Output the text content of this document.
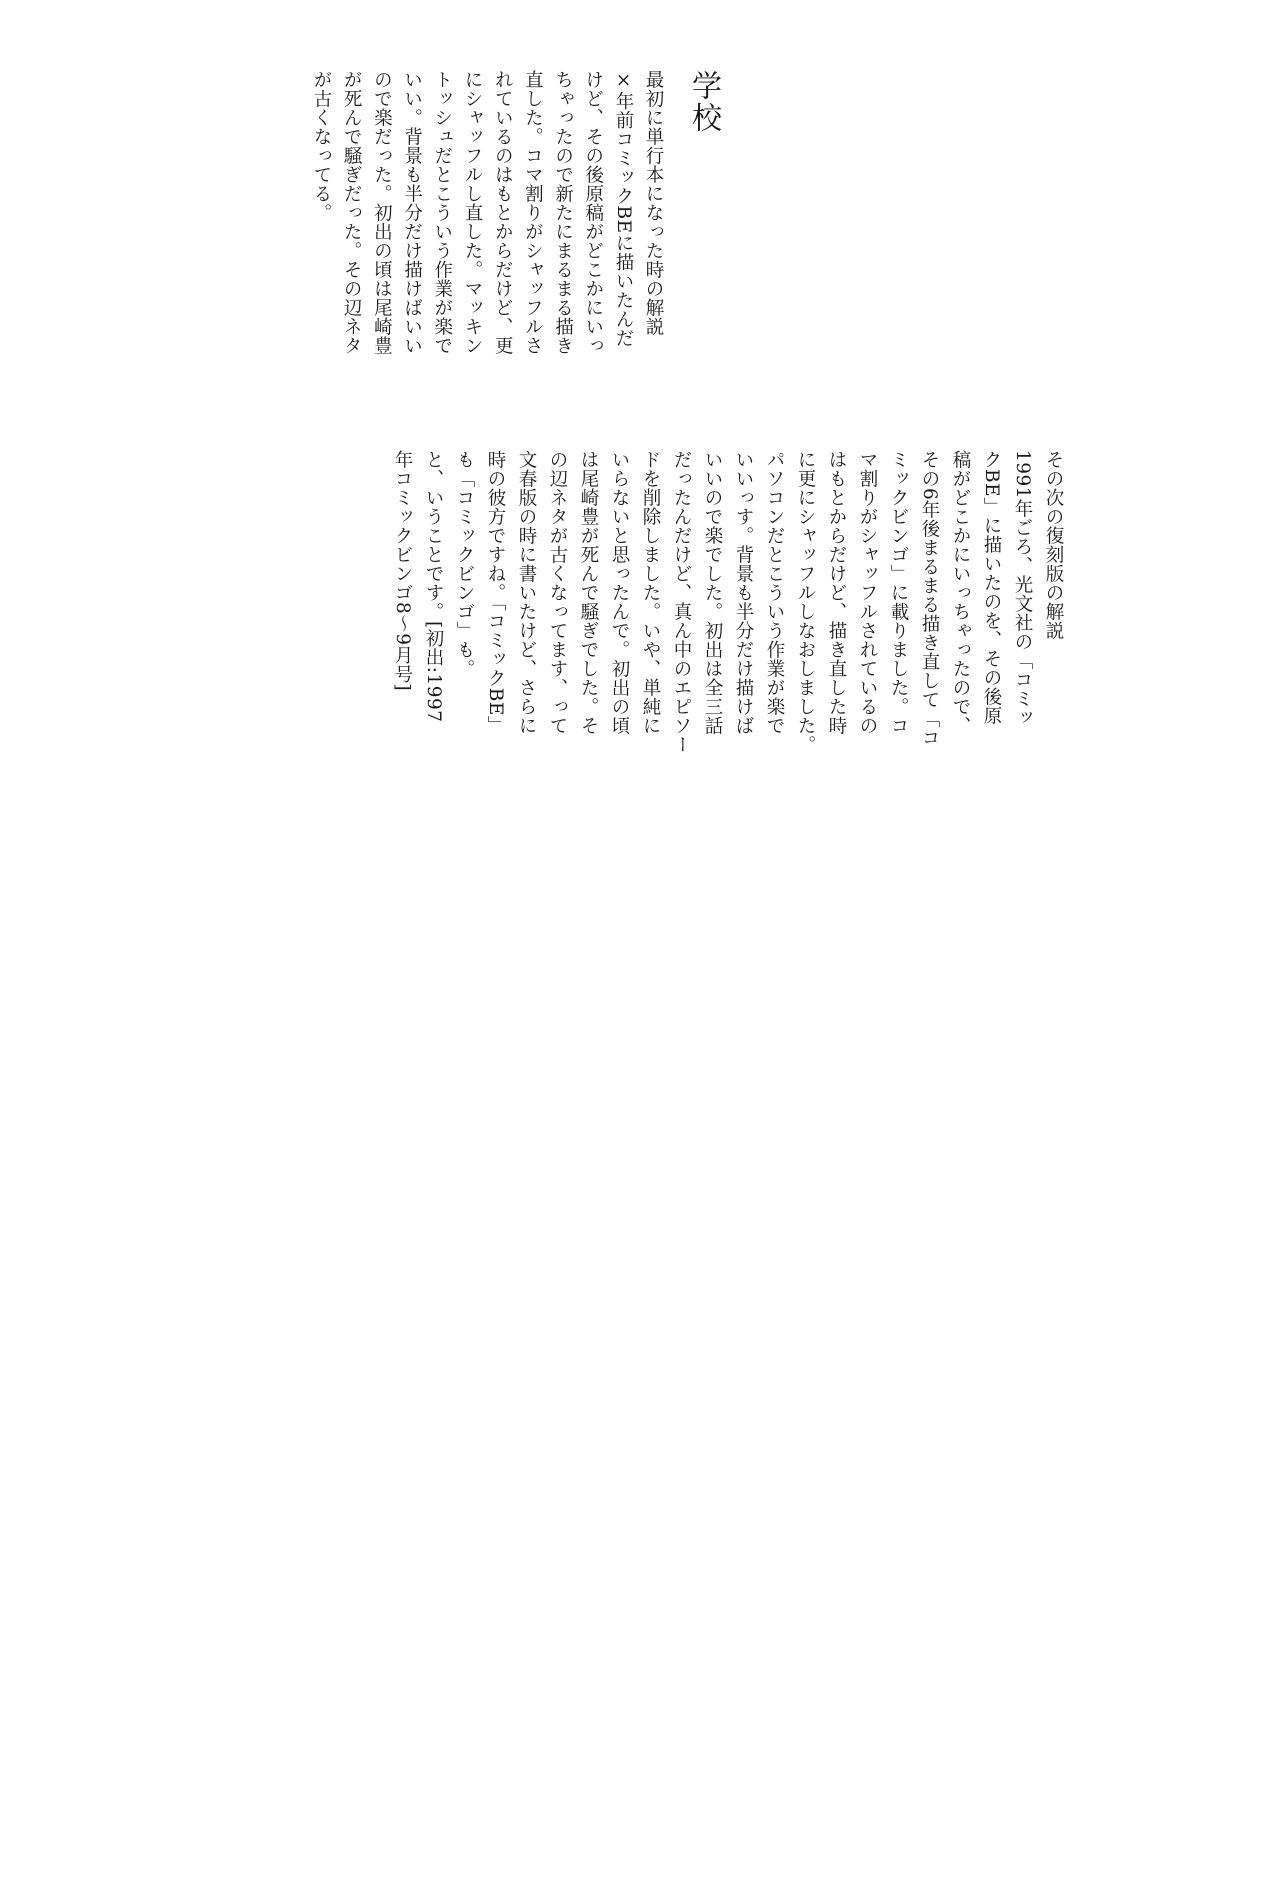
学校
最初に単行本になった時の解説
×年前コミックBEに描いたんだ
けど、その後原稿がどこかにいっ
ちゃったので新たにまるまる描き
直した。コマ割りがシャッフルさ
れているのはもとからだけど、更
にシャッフルし直した。マッキン
トッシュだとこういう作業が楽で
いい。背景も半分だけ描けばいい
ので楽だった。初出の頃は尾崎豊
が死んで騒ぎだった。その辺ネタ
が古くなってる。
その次の復刻版の解説
1991年ごろ、光文社の「コミッ
クBE」に描いたのを、その後原
稿がどこかにいっちゃったので、
その6年後まるまる描き直して「コ
ミックビンゴ」に載りました。コ
マ割りがシャッフルされているの
はもとからだけど、描き直した時
に更にシャッフルしなおしました。
パソコンだとこういう作業が楽で
いいっす。背景も半分だけ描けば
いいので楽でした。初出は全三話
だったんだけど、真ん中のエピソー
ドを削除しました。いや、単純に
いらないと思ったんで。初出の頃
は尾崎豊が死んで騒ぎでした。そ
の辺ネタが古くなってます、って
文春版の時に書いたけど、さらに
時の彼方ですね。「コミックBE」
も「コミックビンゴ」も。
と、いうことです。[初出:1997
年コミックビンゴ8〜9月号]
